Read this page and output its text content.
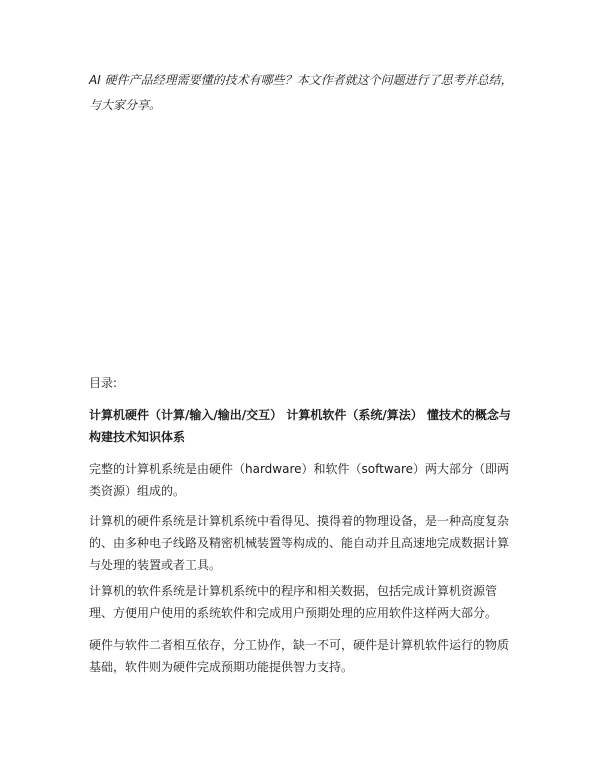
AI 硬件产品经理需要懂的技术有哪些？本文作者就这个问题进行了思考并总结，与大家分享。

目录:

计算机硬件（计算/输入/输出/交互） 计算机软件（系统/算法） 懂技术的概念与构建技术知识体系

完整的计算机系统是由硬件（hardware）和软件（software）两大部分（即两类资源）组成的。

计算机的硬件系统是计算机系统中看得见、摸得着的物理设备，是一种高度复杂的、由多种电子线路及精密机械装置等构成的、能自动并且高速地完成数据计算与处理的装置或者工具。

计算机的软件系统是计算机系统中的程序和相关数据，包括完成计算机资源管理、方便用户使用的系统软件和完成用户预期处理的应用软件这样两大部分。

硬件与软件二者相互依存，分工协作，缺一不可，硬件是计算机软件运行的物质基础，软件则为硬件完成预期功能提供智力支持。
